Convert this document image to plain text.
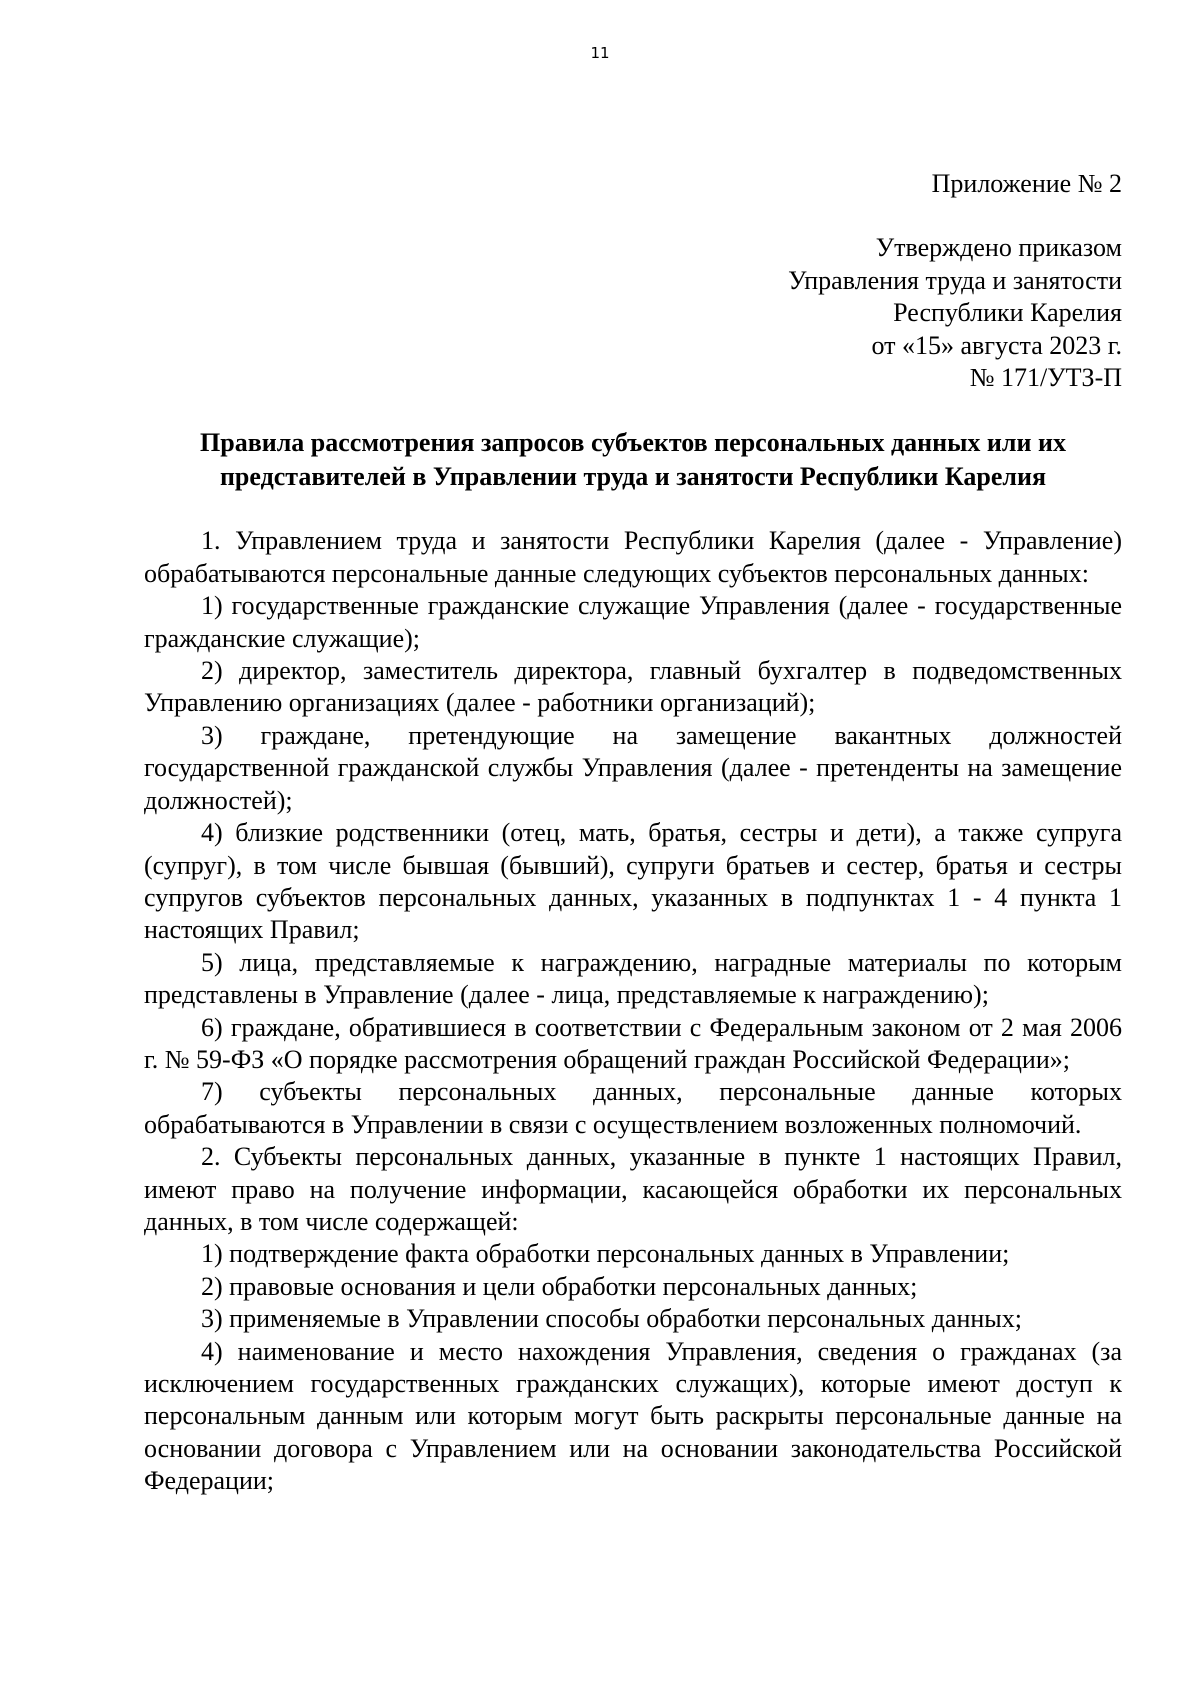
11
Приложение № 2
Утверждено приказом
Управления труда и занятости
Республики Карелия
от «15» августа 2023 г.
№ 171/УТЗ-П
Правила рассмотрения запросов субъектов персональных данных или их
представителей в Управлении труда и занятости Республики Карелия

1. Управлением труда и занятости Республики Карелия (далее - Управление) обрабатываются персональные данные следующих субъектов персональных данных:

1) государственные гражданские служащие Управления (далее - государственные гражданские служащие);

2) директор, заместитель директора, главный бухгалтер в подведомственных Управлению организациях (далее - работники организаций);

3) граждане, претендующие на замещение вакантных должностей государственной гражданской службы Управления (далее - претенденты на замещение должностей);

4) близкие родственники (отец, мать, братья, сестры и дети), а также супруга (супруг), в том числе бывшая (бывший), супруги братьев и сестер, братья и сестры супругов субъектов персональных данных, указанных в подпунктах 1 - 4 пункта 1 настоящих Правил;

5) лица, представляемые к награждению, наградные материалы по которым представлены в Управление (далее - лица, представляемые к награждению);

6) граждане, обратившиеся в соответствии с Федеральным законом от 2 мая 2006 г. № 59-ФЗ «О порядке рассмотрения обращений граждан Российской Федерации»;

7) субъекты персональных данных, персональные данные которых обрабатываются в Управлении в связи с осуществлением возложенных полномочий.

2. Субъекты персональных данных, указанные в пункте 1 настоящих Правил, имеют право на получение информации, касающейся обработки их персональных данных, в том числе содержащей:

1) подтверждение факта обработки персональных данных в Управлении;

2) правовые основания и цели обработки персональных данных;

3) применяемые в Управлении способы обработки персональных данных;

4) наименование и место нахождения Управления, сведения о гражданах (за исключением государственных гражданских служащих), которые имеют доступ к персональным данным или которым могут быть раскрыты персональные данные на основании договора с Управлением или на основании законодательства Российской Федерации;
